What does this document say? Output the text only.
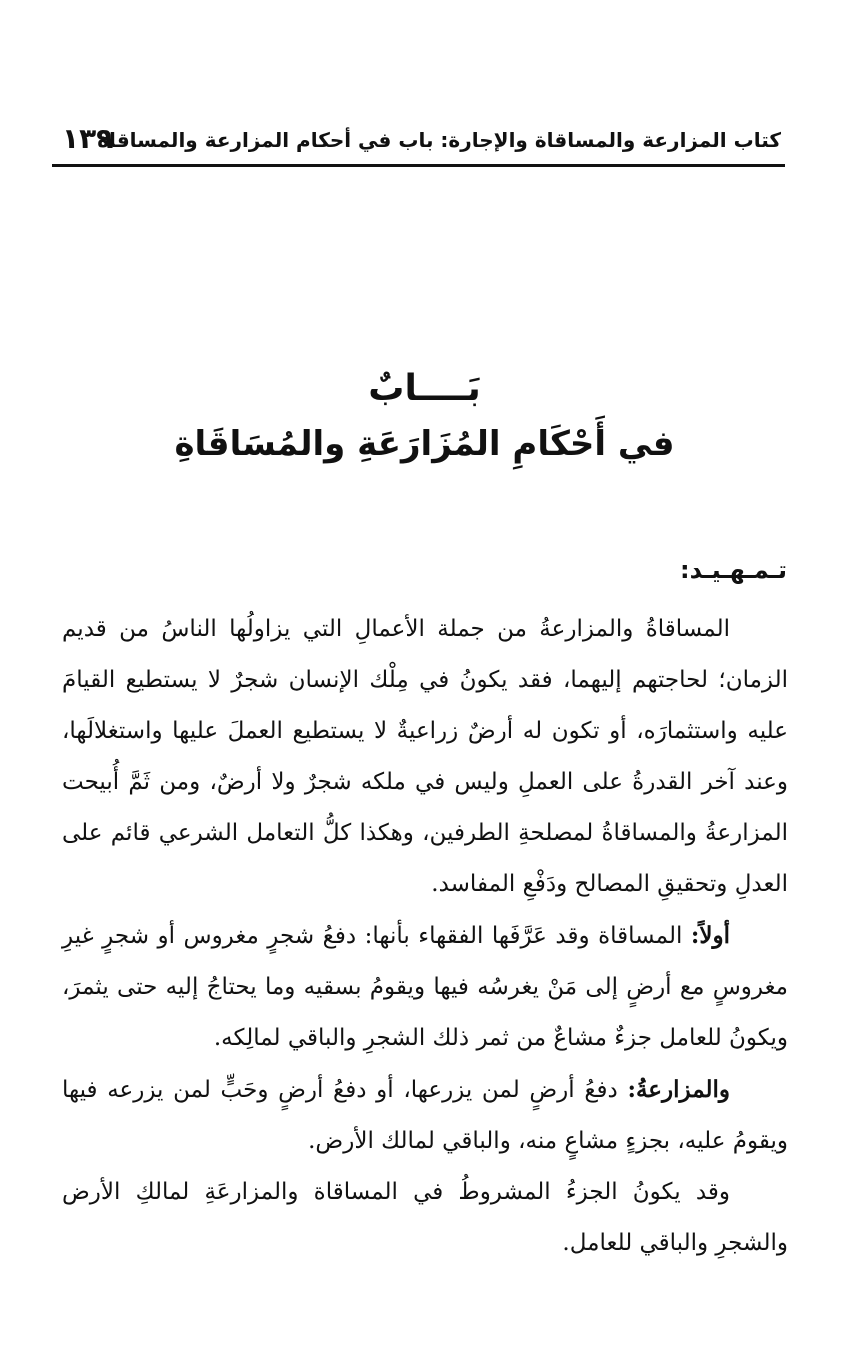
كتاب المزارعة والمساقاة والإجارة: باب في أحكام المزارعة والمساقاة
١٣٩
بَــــابٌ
في أَحْكَامِ المُزَارَعَةِ والمُسَاقَاةِ
تـمـهـيـد:

المساقاةُ والمزارعةُ من جملة الأعمالِ التي يزاولُها الناسُ من قديم الزمان؛ لحاجتهم إليهما، فقد يكونُ في مِلْك الإنسان شجرٌ لا يستطيع القيامَ عليه واستثمارَه، أو تكون له أرضٌ زراعيةٌ لا يستطيع العملَ عليها واستغلالَها، وعند آخر القدرةُ على العملِ وليس في ملكه شجرٌ ولا أرضٌ، ومن ثَمَّ أُبيحت المزارعةُ والمساقاةُ لمصلحةِ الطرفين، وهكذا كلُّ التعامل الشرعي قائم على العدلِ وتحقيقِ المصالح ودَفْعِ المفاسد.

أولاً: المساقاة وقد عَرَّفَها الفقهاء بأنها: دفعُ شجرٍ مغروس أو شجرٍ غيرِ مغروسٍ مع أرضٍ إلى مَنْ يغرسُه فيها ويقومُ بسقيه وما يحتاجُ إليه حتى يثمرَ، ويكونُ للعامل جزءٌ مشاعٌ من ثمر ذلك الشجرِ والباقي لمالِكه.

والمزارعةُ: دفعُ أرضٍ لمن يزرعها، أو دفعُ أرضٍ وحَبٍّ لمن يزرعه فيها ويقومُ عليه، بجزءٍ مشاعٍ منه، والباقي لمالك الأرض.

وقد يكونُ الجزءُ المشروطُ في المساقاة والمزارعَةِ لمالكِ الأرض والشجرِ والباقي للعامل.
